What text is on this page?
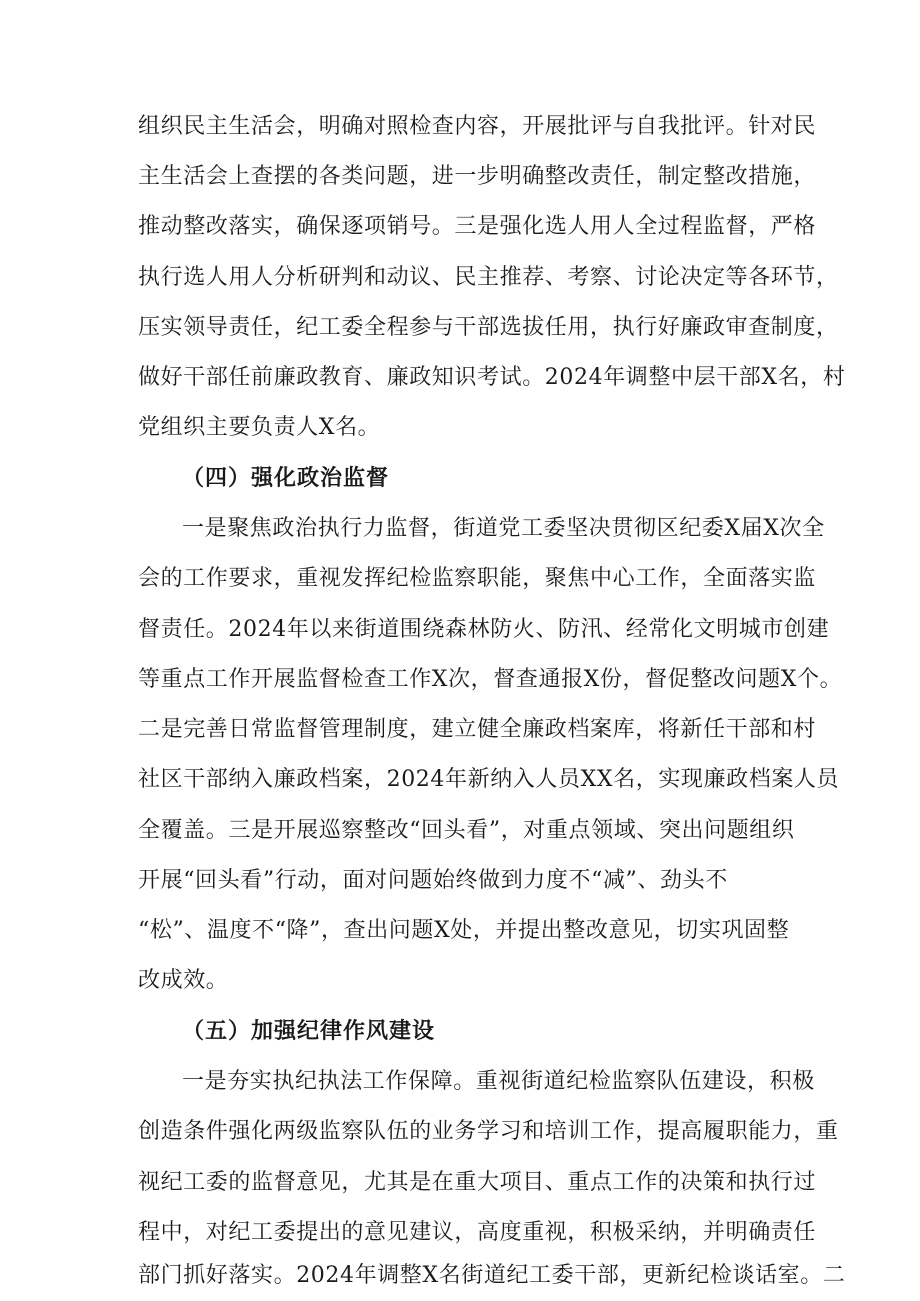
组织民主生活会，明确对照检查内容，开展批评与自我批评。针对民
主生活会上查摆的各类问题，进一步明确整改责任，制定整改措施，
推动整改落实，确保逐项销号。三是强化选人用人全过程监督，严格
执行选人用人分析研判和动议、民主推荐、考察、讨论决定等各环节，
压实领导责任，纪工委全程参与干部选拔任用，执行好廉政审查制度，
做好干部任前廉政教育、廉政知识考试。2024年调整中层干部X名，村
党组织主要负责人X名。
（四）强化政治监督
一是聚焦政治执行力监督，街道党工委坚决贯彻区纪委X届X次全
会的工作要求，重视发挥纪检监察职能，聚焦中心工作，全面落实监
督责任。2024年以来街道围绕森林防火、防汛、经常化文明城市创建
等重点工作开展监督检查工作X次，督查通报X份，督促整改问题X个。
二是完善日常监督管理制度，建立健全廉政档案库，将新任干部和村
社区干部纳入廉政档案，2024年新纳入人员XX名，实现廉政档案人员
全覆盖。三是开展巡察整改“回头看”，对重点领域、突出问题组织
开展“回头看”行动，面对问题始终做到力度不“减”、劲头不
“松”、温度不“降”，查出问题X处，并提出整改意见，切实巩固整
改成效。
（五）加强纪律作风建设
一是夯实执纪执法工作保障。重视街道纪检监察队伍建设，积极
创造条件强化两级监察队伍的业务学习和培训工作，提高履职能力，重
视纪工委的监督意见，尤其是在重大项目、重点工作的决策和执行过
程中，对纪工委提出的意见建议，高度重视，积极采纳，并明确责任
部门抓好落实。2024年调整X名街道纪工委干部，更新纪检谈话室。二
